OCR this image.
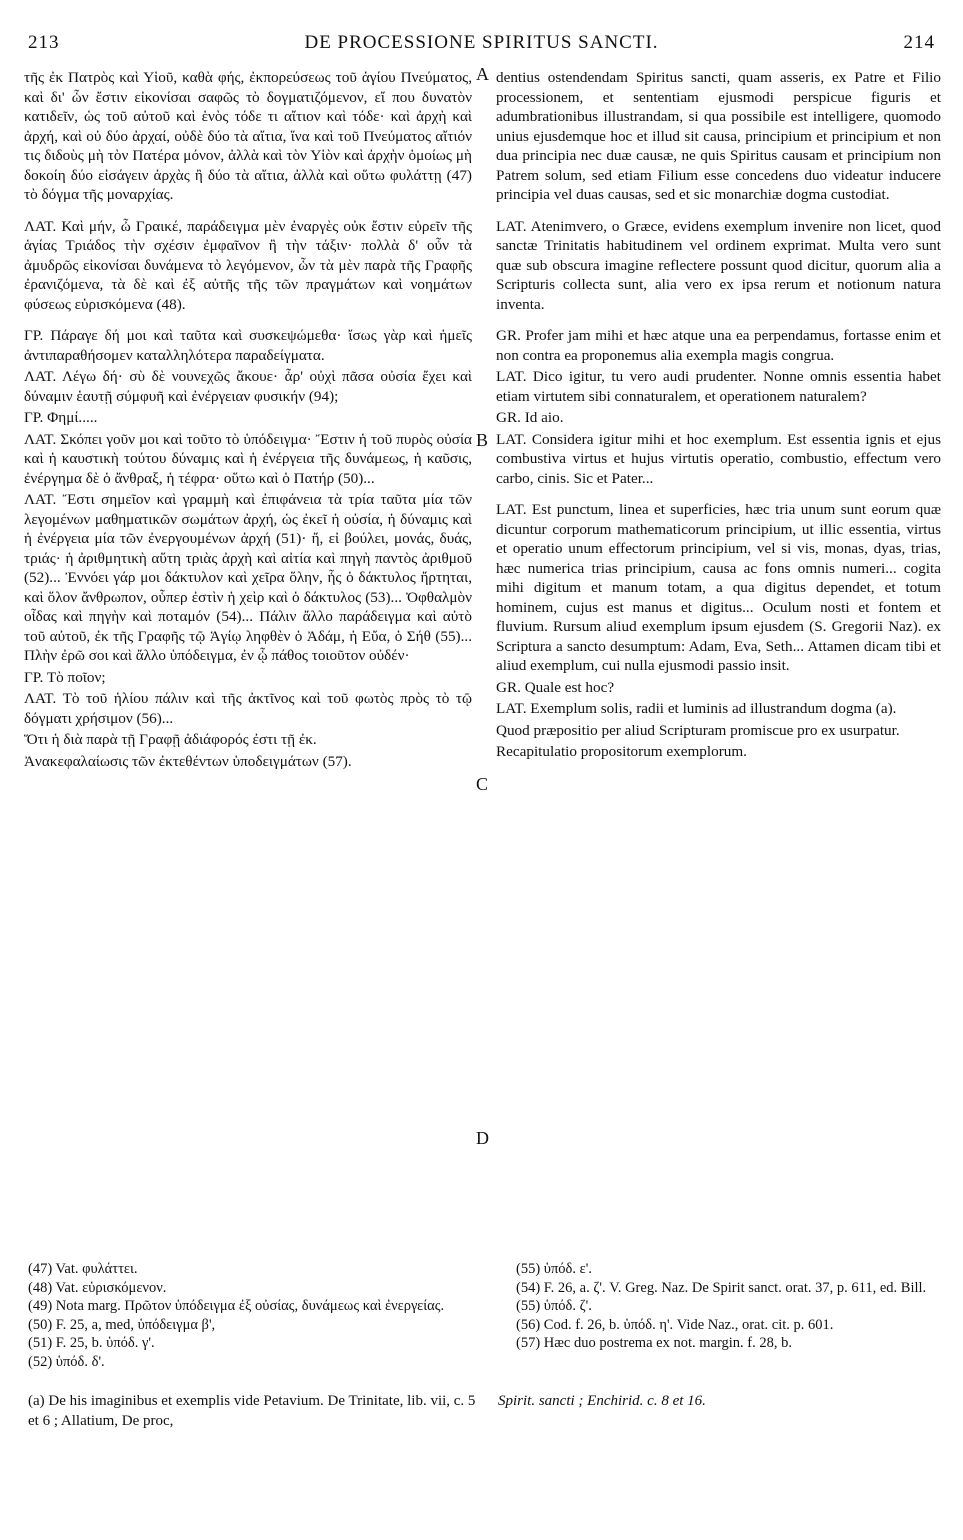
213	DE PROCESSIONE SPIRITUS SANCTI.	214
A
B
C
D

τῆς ἐκ Πατρὸς καὶ Υἱοῦ, καθὰ φής, ἐκπορεύσεως τοῦ ἁγίου Πνεύματος, καὶ δι' ὧν ἔστιν εἰκονίσαι σαφῶς τὸ δογματιζόμενον, εἴ που δυνατὸν κατιδεῖν, ὡς τοῦ αὐτοῦ καὶ ἑνὸς τόδε τι αἴτιον καὶ τόδε· καὶ ἀρχὴ καὶ ἀρχή, καὶ οὐ δύο ἀρχαί, οὐδὲ δύο τὰ αἴτια, ἵνα καὶ τοῦ Πνεύματος αἴτιόν τις διδοὺς μὴ τὸν Πατέρα μόνον, ἀλλὰ καὶ τὸν Υἱὸν καὶ ἀρχὴν ὁμοίως μὴ δοκοίη δύο εἰσάγειν ἀρχὰς ἢ δύο τὰ αἴτια, ἀλλὰ καὶ οὕτω φυλάττῃ (47) τὸ δόγμα τῆς μοναρχίας.

ΛΑΤ. Καὶ μήν, ὦ Γραικέ, παράδειγμα μὲν ἐναργὲς οὐκ ἔστιν εὑρεῖν τῆς ἁγίας Τριάδος τὴν σχέσιν ἐμφαῖνον ἢ τὴν τάξιν· πολλὰ δ' οὖν τὰ ἀμυδρῶς εἰκονίσαι δυνάμενα τὸ λεγόμενον, ὧν τὰ μὲν παρὰ τῆς Γραφῆς ἐρανιζόμενα, τὰ δὲ καὶ ἐξ αὐτῆς τῆς τῶν πραγμάτων καὶ νοημάτων φύσεως εὑρισκόμενα (48).

ΓΡ. Πάραγε δή μοι καὶ ταῦτα καὶ συσκεψώμεθα· ἴσως γὰρ καὶ ἡμεῖς ἀντιπαραθήσομεν καταλληλότερα παραδείγματα.

ΛΑΤ. Λέγω δή· σὺ δὲ νουνεχῶς ἄκουε· ἆρ' οὐχὶ πᾶσα οὐσία ἔχει καὶ δύναμιν ἑαυτῇ σύμφυῆ καὶ ἐνέργειαν φυσικήν (94);

ΓΡ. Φημί.....

ΛΑΤ. Σκόπει γοῦν μοι καὶ τοῦτο τὸ ὑπόδειγμα· Ἔστιν ἡ τοῦ πυρὸς οὐσία καὶ ἡ καυστικὴ τούτου δύναμις καὶ ἡ ἐνέργεια τῆς δυνάμεως, ἡ καῦσις, ἐνέργημα δὲ ὁ ἄνθραξ, ἡ τέφρα· οὕτω καὶ ὁ Πατήρ (50)...

ΛΑΤ. Ἔστι σημεῖον καὶ γραμμὴ καὶ ἐπιφάνεια τὰ τρία ταῦτα μία τῶν λεγομένων μαθηματικῶν σωμάτων ἀρχή, ὡς ἐκεῖ ἡ οὐσία, ἡ δύναμις καὶ ἡ ἐνέργεια μία τῶν ἐνεργουμένων ἀρχή (51)· ἤ, εἰ βούλει, μονάς, δυάς, τριάς· ἡ ἀριθμητικὴ αὕτη τριὰς ἀρχὴ καὶ αἰτία καὶ πηγὴ παντὸς ἀριθμοῦ (52)... Ἐννόει γάρ μοι δάκτυλον καὶ χεῖρα ὅλην, ἧς ὁ δάκτυλος ἤρτηται, καὶ ὅλον ἄνθρωπον, οὗπερ ἐστὶν ἡ χεὶρ καὶ ὁ δάκτυλος (53)... Ὀφθαλμὸν οἶδας καὶ πηγὴν καὶ ποταμόν (54)... Πάλιν ἄλλο παράδειγμα καὶ αὐτὸ τοῦ αὐτοῦ, ἐκ τῆς Γραφῆς τῷ Ἁγίῳ ληφθὲν ὁ Ἀδάμ, ἡ Εὔα, ὁ Σήθ (55)... Πλὴν ἐρῶ σοι καὶ ἄλλο ὑπόδειγμα, ἐν ᾧ πάθος τοιοῦτον οὐδέν·

ΓΡ. Τὸ ποῖον;

ΛΑΤ. Τὸ τοῦ ἡλίου πάλιν καὶ τῆς ἀκτῖνος καὶ τοῦ φωτὸς πρὸς τὸ τῷ δόγματι χρήσιμον (56)...

Ὅτι ἡ διὰ παρὰ τῇ Γραφῇ ἀδιάφορός ἐστι τῇ ἐκ.

Ἀνακεφαλαίωσις τῶν ἐκτεθέντων ὑποδειγμάτων (57).

dentius ostendendam Spiritus sancti, quam asseris, ex Patre et Filio processionem, et sententiam ejusmodi perspicue figuris et adumbrationibus illustrandam, si qua possibile est intelligere, quomodo unius ejusdemque hoc et illud sit causa, principium et principium et non dua principia nec duæ causæ, ne quis Spiritus causam et principium non Patrem solum, sed etiam Filium esse concedens duo videatur inducere principia vel duas causas, sed et sic monarchiæ dogma custodiat.

LAT. Atenimvero, o Græce, evidens exemplum invenire non licet, quod sanctæ Trinitatis habitudinem vel ordinem exprimat. Multa vero sunt quæ sub obscura imagine reflectere possunt quod dicitur, quorum alia a Scripturis collecta sunt, alia vero ex ipsa rerum et notionum natura inventa.

GR. Profer jam mihi et hæc atque una ea perpendamus, fortasse enim et non contra ea proponemus alia exempla magis congrua.

LAT. Dico igitur, tu vero audi prudenter. Nonne omnis essentia habet etiam virtutem sibi connaturalem, et operationem naturalem?

GR. Id aio.

LAT. Considera igitur mihi et hoc exemplum. Est essentia ignis et ejus combustiva virtus et hujus virtutis operatio, combustio, effectum vero carbo, cinis. Sic et Pater...

LAT. Est punctum, linea et superficies, hæc tria unum sunt eorum quæ dicuntur corporum mathematicorum principium, ut illic essentia, virtus et operatio unum effectorum principium, vel si vis, monas, dyas, trias, hæc numerica trias principium, causa ac fons omnis numeri... cogita mihi digitum et manum totam, a qua digitus dependet, et totum hominem, cujus est manus et digitus... Oculum nosti et fontem et fluvium. Rursum aliud exemplum ipsum ejusdem (S. Gregorii Naz). ex Scriptura a sancto desumptum: Adam, Eva, Seth... Attamen dicam tibi et aliud exemplum, cui nulla ejusmodi passio insit.

GR. Quale est hoc?

LAT. Exemplum solis, radii et luminis ad illustrandum dogma (a).

Quod præpositio per aliud Scripturam promiscue pro ex usurpatur.

Recapitulatio propositorum exemplorum.

(47) Vat. φυλάττει.
(48) Vat. εὑρισκόμενον.
(49) Nota marg. Πρῶτον ὑπόδειγμα ἐξ οὐσίας, δυνάμεως καὶ ἐνεργείας.
(50) F. 25, a, med, ὑπόδειγμα β',
(51) F. 25, b. ὑπόδ. γ'.
(52) ὑπόδ. δ'.
(55) ὑπόδ. ε'.
(54) F. 26, a. ζ'. V. Greg. Naz. De Spirit sanct. orat. 37, p. 611, ed. Bill.
(55) ὑπόδ. ζ'.
(56) Cod. f. 26, b. ὑπόδ. η'. Vide Naz., orat. cit. p. 601.
(57) Hæc duo postrema ex not. margin. f. 28, b.
(a) De his imaginibus et exemplis vide Petavium. De Trinitate, lib. vii, c. 5 et 6 ; Allatium, De proc,
Spirit. sancti ; Enchirid. c. 8 et 16.
